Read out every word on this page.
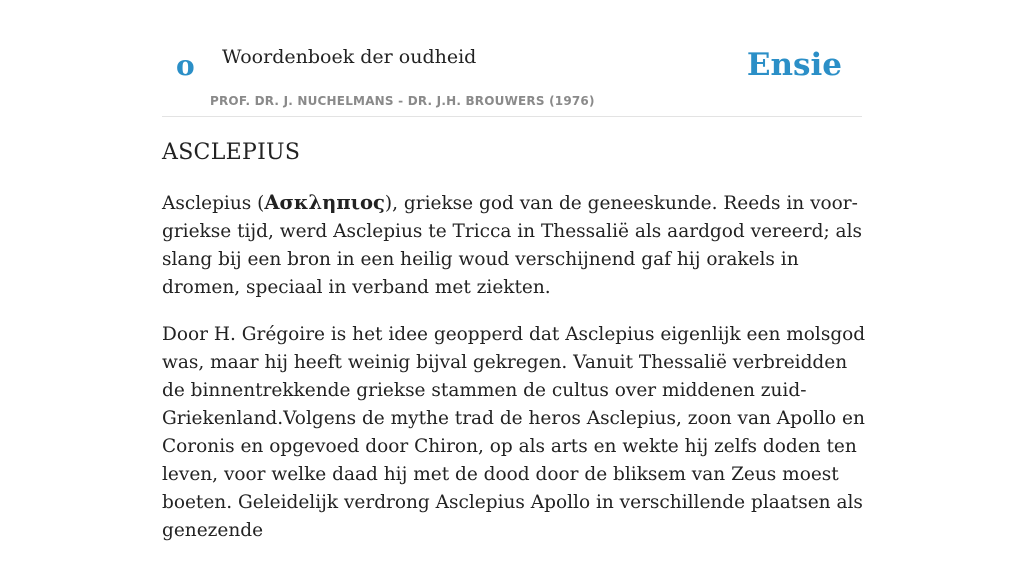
o Woordenboek der oudheid
PROF. DR. J. NUCHELMANS - DR. J.H. BROUWERS (1976)
Ensie
ASCLEPIUS

Asclepius (Ασκληπιος), griekse god van de geneeskunde. Reeds in voor-griekse tijd, werd Asclepius te Tricca in Thessalië als aardgod vereerd; als slang bij een bron in een heilig woud verschijnend gaf hij orakels in dromen, speciaal in verband met ziekten.

Door H. Grégoire is het idee geopperd dat Asclepius eigenlijk een molsgod was, maar hij heeft weinig bijval gekregen. Vanuit Thessalië verbreidden de binnentrekkende griekse stammen de cultus over middenen zuid-Griekenland.Volgens de mythe trad de heros Asclepius, zoon van Apollo en Coronis en opgevoed door Chiron, op als arts en wekte hij zelfs doden ten leven, voor welke daad hij met de dood door de bliksem van Zeus moest boeten. Geleidelijk verdrong Asclepius Apollo in verschillende plaatsen als genezende
